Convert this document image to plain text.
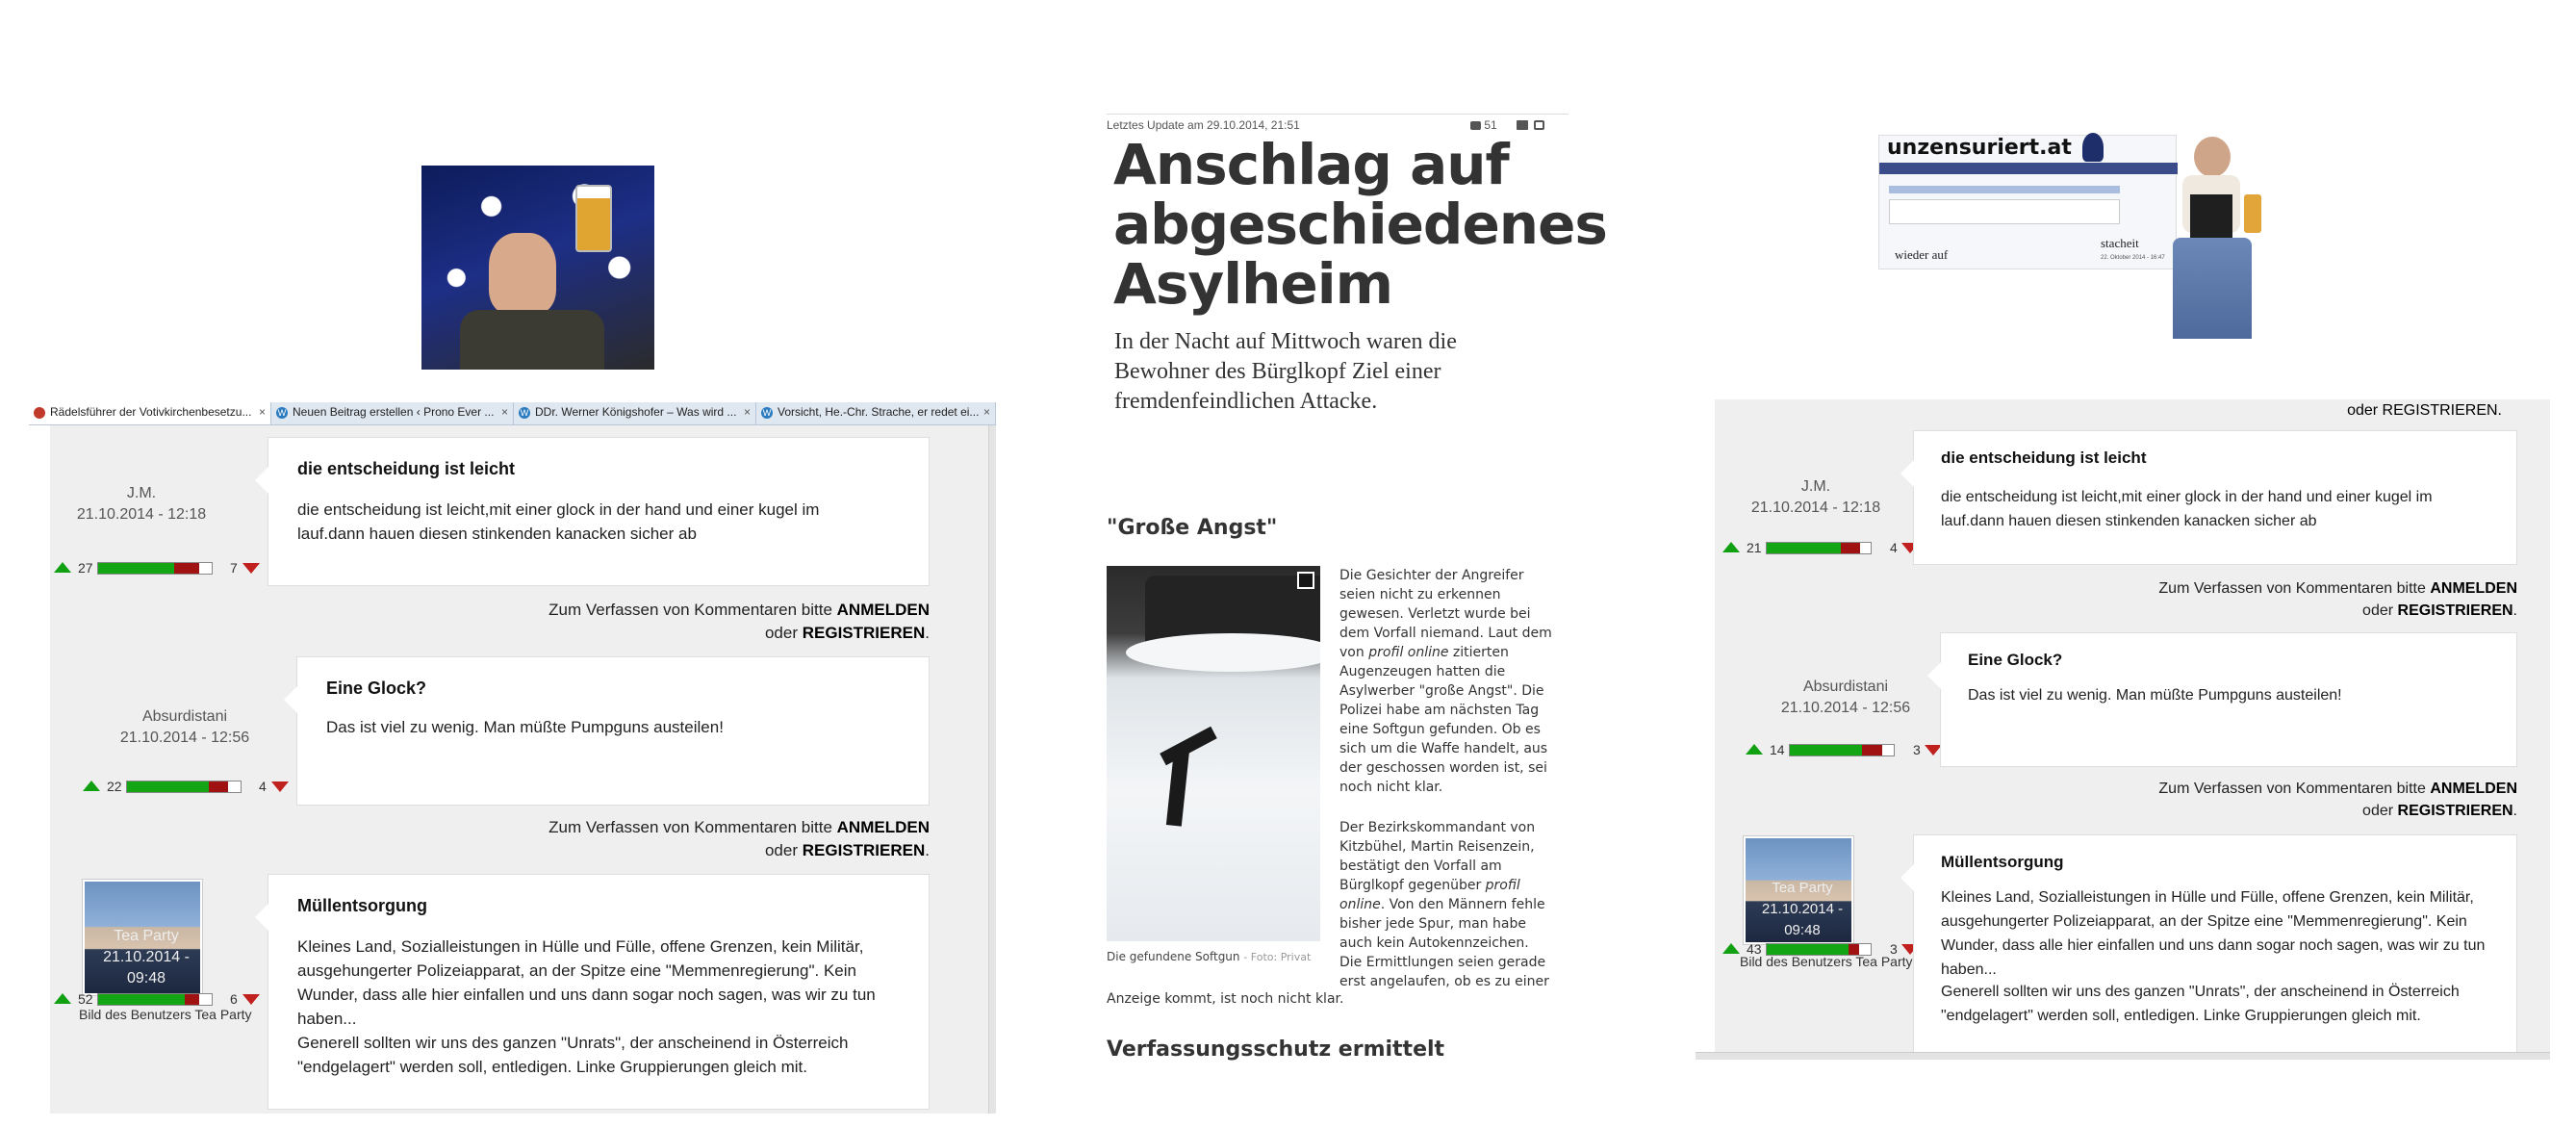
Rädelsführer der Votivkirchenbesetzu... × W Neuen Beitrag erstellen ‹ Prono Ever ... × W DDr. Werner Königshofer – Was wird ... × W Vorsicht, He.-Chr. Strache, er redet ei... ×
J.M.
21.10.2014 - 12:18
27	7
die entscheidung ist leicht
die entscheidung ist leicht,mit einer glock in der hand und einer kugel im lauf.dann hauen diesen stinkenden kanacken sicher ab
Zum Verfassen von Kommentaren bitte ANMELDEN
oder REGISTRIEREN.
Absurdistani
21.10.2014 - 12:56
22	4
Eine Glock?
Das ist viel zu wenig. Man müßte Pumpguns austeilen!
Zum Verfassen von Kommentaren bitte ANMELDEN
oder REGISTRIEREN.
Tea Party
21.10.2014 - 09:48
52	6
Bild des Benutzers Tea Party
Müllentsorgung
Kleines Land, Sozialleistungen in Hülle und Fülle, offene Grenzen, kein Militär, ausgehungerter Polizeiapparat, an der Spitze eine "Memmenregierung". Kein Wunder, dass alle hier einfallen und uns dann sogar noch sagen, was wir zu tun haben...
Generell sollten wir uns des ganzen "Unrats", der anscheinend in Österreich "endgelagert" werden soll, entledigen. Linke Gruppierungen gleich mit.
Letztes Update am 29.10.2014, 21:51	51
Anschlag auf abgeschiedenes Asylheim
In der Nacht auf Mittwoch waren die Bewohner des Bürglkopf Ziel einer fremdenfeindlichen Attacke.
"Große Angst"
Die gefundene Softgun - Foto: Privat
Die Gesichter der Angreifer seien nicht zu erkennen gewesen. Verletzt wurde bei dem Vorfall niemand. Laut dem von profil online zitierten Augenzeugen hatten die Asylwerber "große Angst". Die Polizei habe am nächsten Tag eine Softgun gefunden. Ob es sich um die Waffe handelt, aus der geschossen worden ist, sei noch nicht klar.
Der Bezirkskommandant von Kitzbühel, Martin Reisenzein, bestätigt den Vorfall am Bürglkopf gegenüber profil online. Von den Männern fehle bisher jede Spur, man habe auch kein Autokennzeichen. Die Ermittlungen seien gerade erst angelaufen, ob es zu einer
Anzeige kommt, ist noch nicht klar.
Verfassungsschutz ermittelt
unzensuriert.at
wieder auf
stacheit
22. Oktober 2014 - 16:47
oder REGISTRIEREN.
J.M.
21.10.2014 - 12:18
21	4
die entscheidung ist leicht
die entscheidung ist leicht,mit einer glock in der hand und einer kugel im lauf.dann hauen diesen stinkenden kanacken sicher ab
Zum Verfassen von Kommentaren bitte ANMELDEN
oder REGISTRIEREN.
Absurdistani
21.10.2014 - 12:56
14	3
Eine Glock?
Das ist viel zu wenig. Man müßte Pumpguns austeilen!
Zum Verfassen von Kommentaren bitte ANMELDEN
oder REGISTRIEREN.
Tea Party
21.10.2014 - 09:48
43	3
Bild des Benutzers Tea Party
Müllentsorgung
Kleines Land, Sozialleistungen in Hülle und Fülle, offene Grenzen, kein Militär, ausgehungerter Polizeiapparat, an der Spitze eine "Memmenregierung". Kein Wunder, dass alle hier einfallen und uns dann sogar noch sagen, was wir zu tun haben...
Generell sollten wir uns des ganzen "Unrats", der anscheinend in Österreich "endgelagert" werden soll, entledigen. Linke Gruppierungen gleich mit.
